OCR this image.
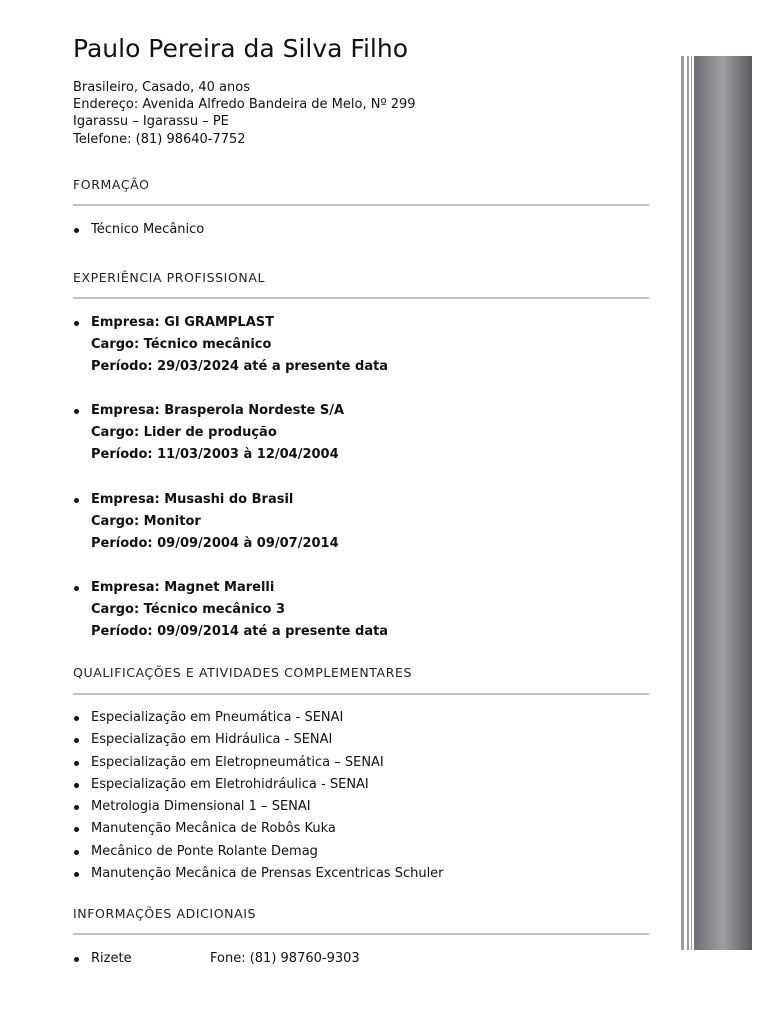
Paulo Pereira da Silva Filho
Brasileiro, Casado, 40 anos
Endereço: Avenida Alfredo Bandeira de Melo, Nº 299
Igarassu – Igarassu – PE
Telefone: (81) 98640-7752
FORMAÇÃO
Técnico Mecânico
EXPERIÊNCIA PROFISSIONAL
Empresa: GI GRAMPLAST
Cargo: Técnico mecânico
Período: 29/03/2024 até a presente data
Empresa: Brasperola Nordeste S/A
Cargo: Lider de produção
Período: 11/03/2003 à 12/04/2004
Empresa: Musashi do Brasil
Cargo: Monitor
Período: 09/09/2004 à 09/07/2014
Empresa: Magnet Marelli
Cargo: Técnico mecânico 3
Período: 09/09/2014 até a presente data
QUALIFICAÇÕES E ATIVIDADES COMPLEMENTARES
Especialização em Pneumática - SENAI
Especialização em Hidráulica - SENAI
Especialização em Eletropneumática – SENAI
Especialização em Eletrohidráulica - SENAI
Metrologia Dimensional 1 – SENAI
Manutenção Mecânica de Robôs Kuka
Mecânico de Ponte Rolante Demag
Manutenção Mecânica de Prensas Excentricas Schuler
INFORMAÇÕES ADICIONAIS
Rizete	Fone: (81) 98760-9303
